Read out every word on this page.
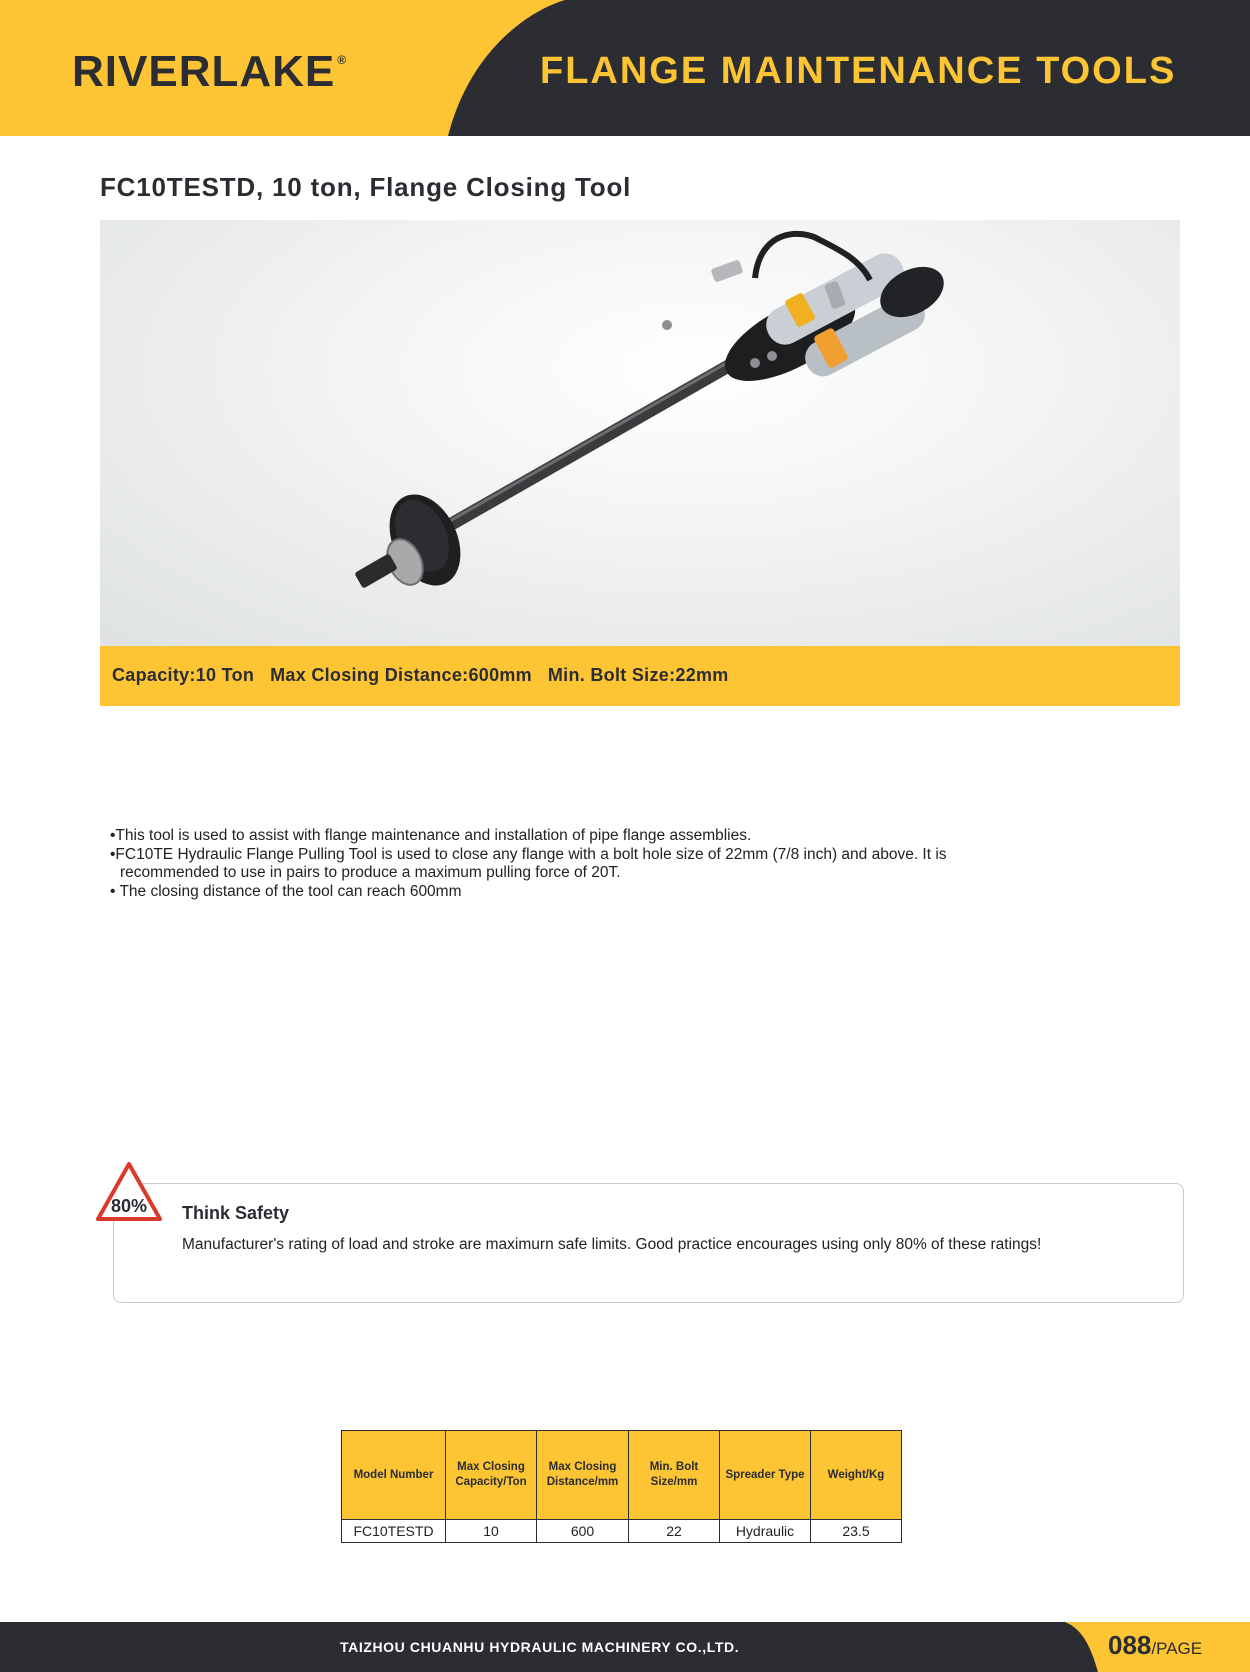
RIVERLAKE ®	FLANGE MAINTENANCE TOOLS
FC10TESTD, 10 ton, Flange Closing Tool
Capacity:10 Ton   Max Closing Distance:600mm   Min. Bolt Size:22mm

•This tool is used to assist with flange maintenance and installation of pipe flange assemblies.

•FC10TE Hydraulic Flange Pulling Tool is used to close any flange with a bolt hole size of 22mm (7/8 inch) and above. It is

recommended to use in pairs to produce a maximum pulling force of 20T.

• The closing distance of the tool can reach 600mm

80% Think Safety
Manufacturer's rating of load and stroke are maximurn safe limits. Good practice encourages using only 80% of these ratings!
Model Number	Max Closing Capacity/Ton	Max Closing Distance/mm	Min. Bolt Size/mm	Spreader Type	Weight/Kg
FC10TESTD	10	600	22	Hydraulic	23.5
TAIZHOU CHUANHU HYDRAULIC MACHINERY CO.,LTD.	088/PAGE
